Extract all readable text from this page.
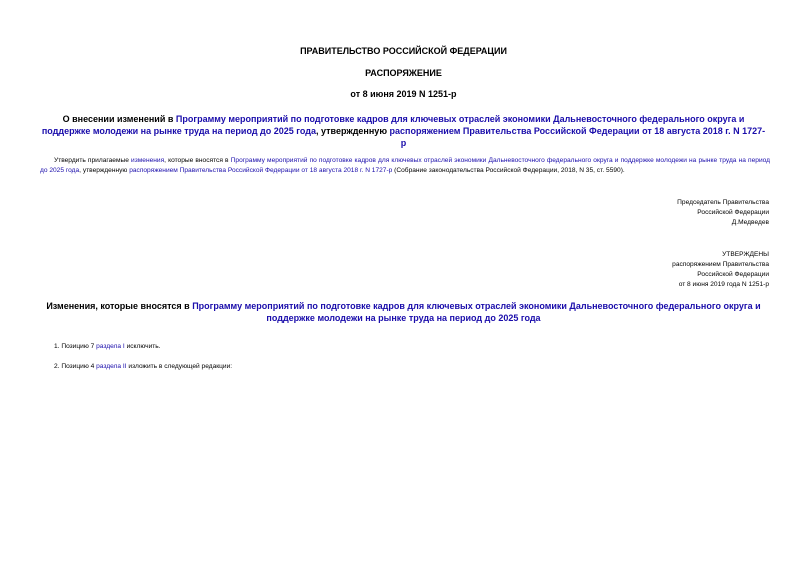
ПРАВИТЕЛЬСТВО РОССИЙСКОЙ ФЕДЕРАЦИИ
РАСПОРЯЖЕНИЕ
от 8 июня 2019 N 1251-р
О внесении изменений в Программу мероприятий по подготовке кадров для ключевых отраслей экономики Дальневосточного федерального округа и поддержке молодежи на рынке труда на период до 2025 года, утвержденную распоряжением Правительства Российской Федерации от 18 августа 2018 г. N 1727-р
Утвердить прилагаемые изменения, которые вносятся в Программу мероприятий по подготовке кадров для ключевых отраслей экономики Дальневосточного федерального округа и поддержке молодежи на рынке труда на период до 2025 года, утвержденную распоряжением Правительства Российской Федерации от 18 августа 2018 г. N 1727-р (Собрание законодательства Российской Федерации, 2018, N 35, ст. 5590).
Председатель Правительства
Российской Федерации
Д.Медведев
УТВЕРЖДЕНЫ
распоряжением Правительства
Российской Федерации
от 8 июня 2019 года N 1251-р
Изменения, которые вносятся в Программу мероприятий по подготовке кадров для ключевых отраслей экономики Дальневосточного федерального округа и поддержке молодежи на рынке труда на период до 2025 года
1. Позицию 7 раздела I исключить.
2. Позицию 4 раздела II изложить в следующей редакции:
